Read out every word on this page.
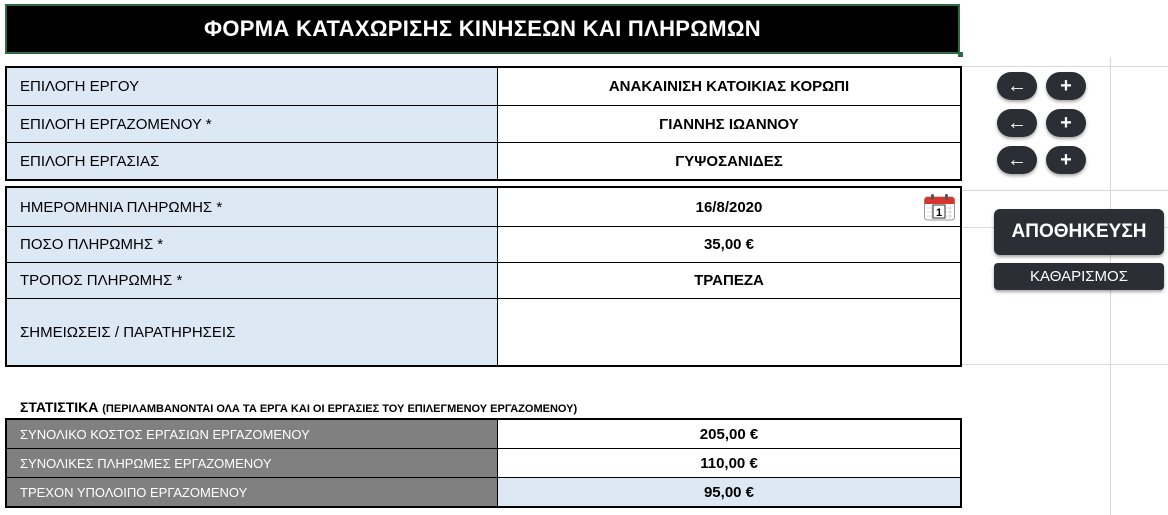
ΦΟΡΜΑ ΚΑΤΑΧΩΡΙΣΗΣ ΚΙΝΗΣΕΩΝ ΚΑΙ ΠΛΗΡΩΜΩΝ
ΕΠΙΛΟΓΗ ΕΡΓΟΥ	ΑΝΑΚΑΙΝΙΣΗ ΚΑΤΟΙΚΙΑΣ ΚΟΡΩΠΙ
ΕΠΙΛΟΓΗ ΕΡΓΑΖΟΜΕΝΟΥ *	ΓΙΑΝΝΗΣ ΙΩΑΝΝΟΥ
ΕΠΙΛΟΓΗ ΕΡΓΑΣΙΑΣ	ΓΥΨΟΣΑΝΙΔΕΣ
ΗΜΕΡΟΜΗΝΙΑ ΠΛΗΡΩΜΗΣ *	16/8/2020	1
ΠΟΣΟ ΠΛΗΡΩΜΗΣ *	35,00 €
ΤΡΟΠΟΣ ΠΛΗΡΩΜΗΣ *	ΤΡΑΠΕΖΑ
ΣΗΜΕΙΩΣΕΙΣ / ΠΑΡΑΤΗΡΗΣΕΙΣ
← +
← +
← +
ΑΠΟΘΗΚΕΥΣΗ
ΚΑΘΑΡΙΣΜΟΣ
ΣΤΑΤΙΣΤΙΚΑ (ΠΕΡΙΛΑΜΒΑΝΟΝΤΑΙ ΟΛΑ ΤΑ ΕΡΓΑ ΚΑΙ ΟΙ ΕΡΓΑΣΙΕΣ ΤΟΥ ΕΠΙΛΕΓΜΕΝΟΥ ΕΡΓΑΖΟΜΕΝΟΥ)
ΣΥΝΟΛΙΚΟ ΚΟΣΤΟΣ ΕΡΓΑΣΙΩΝ ΕΡΓΑΖΟΜΕΝΟΥ	205,00 €
ΣΥΝΟΛΙΚΕΣ ΠΛΗΡΩΜΕΣ ΕΡΓΑΖΟΜΕΝΟΥ	110,00 €
ΤΡΕΧΟΝ ΥΠΟΛΟΙΠΟ ΕΡΓΑΖΟΜΕΝΟΥ	95,00 €
